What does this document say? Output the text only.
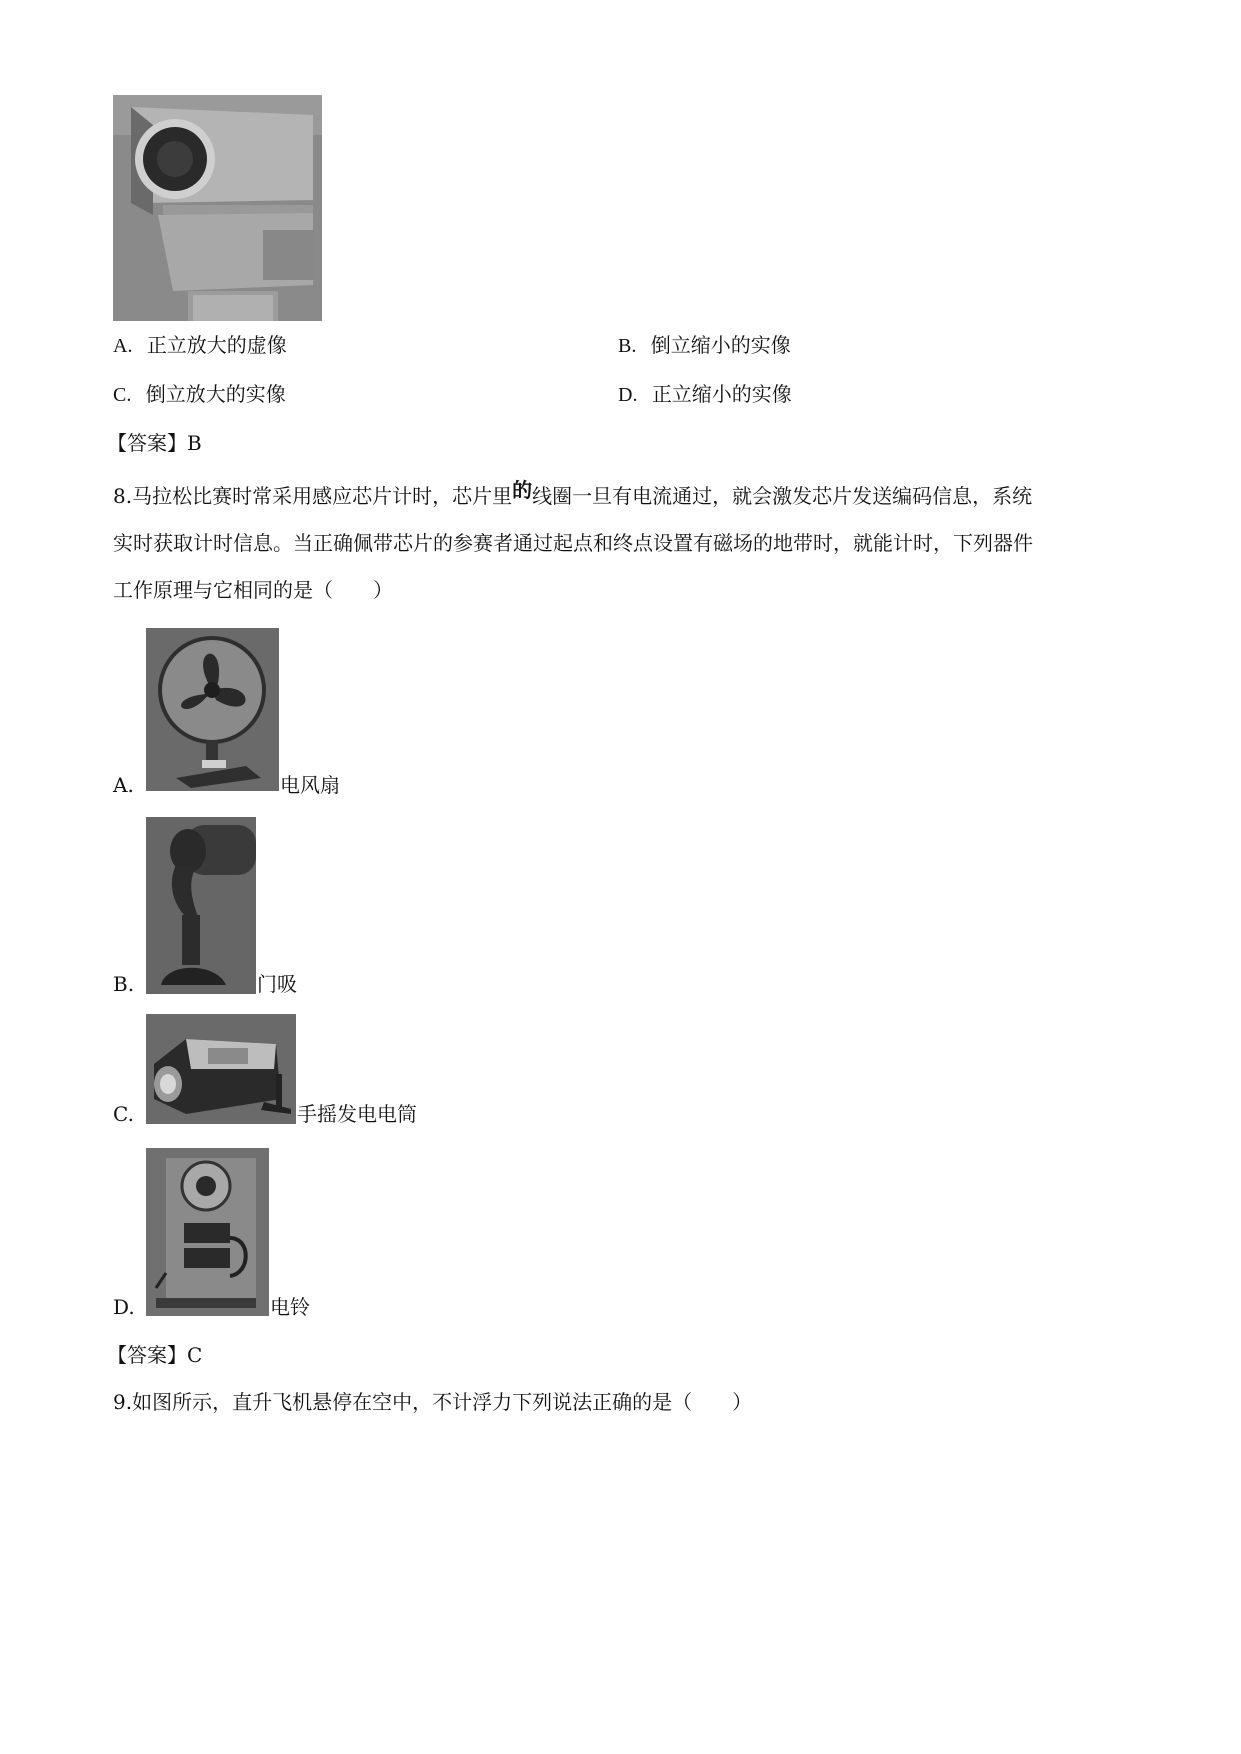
A. 正立放大的虚像	B. 倒立缩小的实像
C. 倒立放大的实像	D. 正立缩小的实像
【答案】B
8.马拉松比赛时常采用感应芯片计时，芯片里的线圈一旦有电流通过，就会激发芯片发送编码信息，系统
实时获取计时信息。当正确佩带芯片的参赛者通过起点和终点设置有磁场的地带时，就能计时，下列器件
工作原理与它相同的是（　　）
A.	电风扇
B.	门吸
C.	手摇发电电筒
D.	电铃
【答案】C
9.如图所示，直升飞机悬停在空中，不计浮力下列说法正确的是（　　）
